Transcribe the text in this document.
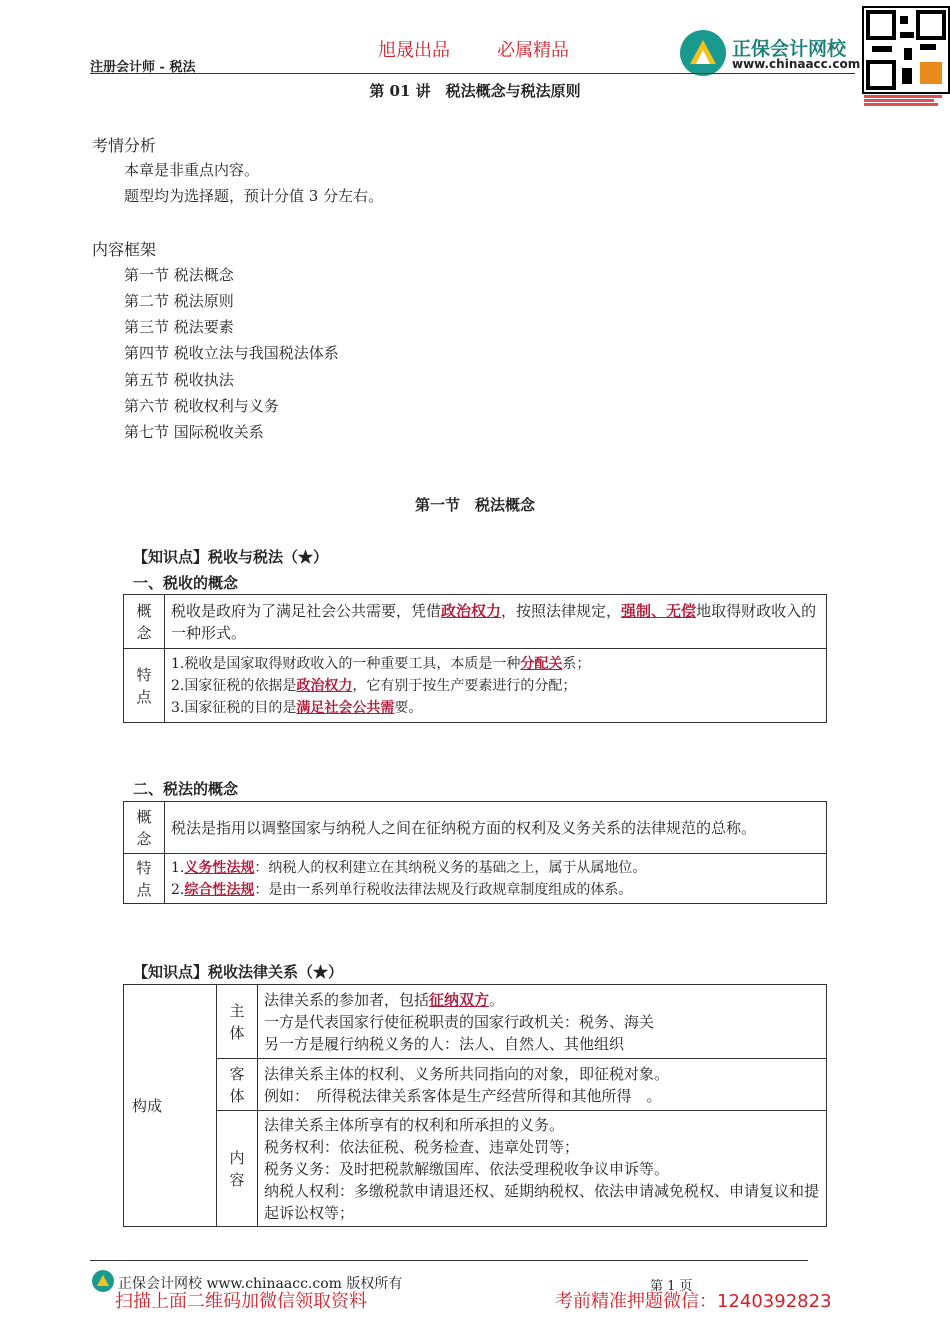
注册会计师 - 税法
旭晟出品	必属精品	正保会计网校
www.chinaacc.com
第 01 讲　税法概念与税法原则
考情分析
本章是非重点内容。
题型均为选择题，预计分值 3 分左右。
内容框架
第一节 税法概念
第二节 税法原则
第三节 税法要素
第四节 税收立法与我国税法体系
第五节 税收执法
第六节 税收权利与义务
第七节 国际税收关系
第一节　税法概念
【知识点】税收与税法（★）
一、税收的概念
概念	税收是政府为了满足社会公共需要，凭借政治权力，按照法律规定，强制、无偿地取得财政收入的一种形式。
特点	1.税收是国家取得财政收入的一种重要工具，本质是一种分配关系；
2.国家征税的依据是政治权力，它有别于按生产要素进行的分配；
3.国家征税的目的是满足社会公共需要。
二、税法的概念
概念	税法是指用以调整国家与纳税人之间在征纳税方面的权利及义务关系的法律规范的总称。
特点	1.义务性法规：纳税人的权利建立在其纳税义务的基础之上，属于从属地位。
2.综合性法规：是由一系列单行税收法律法规及行政规章制度组成的体系。
【知识点】税收法律关系（★）
构成	主体	法律关系的参加者，包括征纳双方。
一方是代表国家行使征税职责的国家行政机关：税务、海关
另一方是履行纳税义务的人：法人、自然人、其他组织

	客体	法律关系主体的权利、义务所共同指向的对象，即征税对象。
例如：　所得税法律关系客体是生产经营所得和其他所得　。

	内容	法律关系主体所享有的权利和所承担的义务。
税务权利：依法征税、税务检查、违章处罚等；
税务义务：及时把税款解缴国库、依法受理税收争议申诉等。
纳税人权利：多缴税款申请退还权、延期纳税权、依法申请减免税权、申请复议和提起诉讼权等；
正保会计网校 www.chinaacc.com 版权所有	第 1 页
扫描上面二维码加微信领取资料	考前精准押题微信：1240392823
